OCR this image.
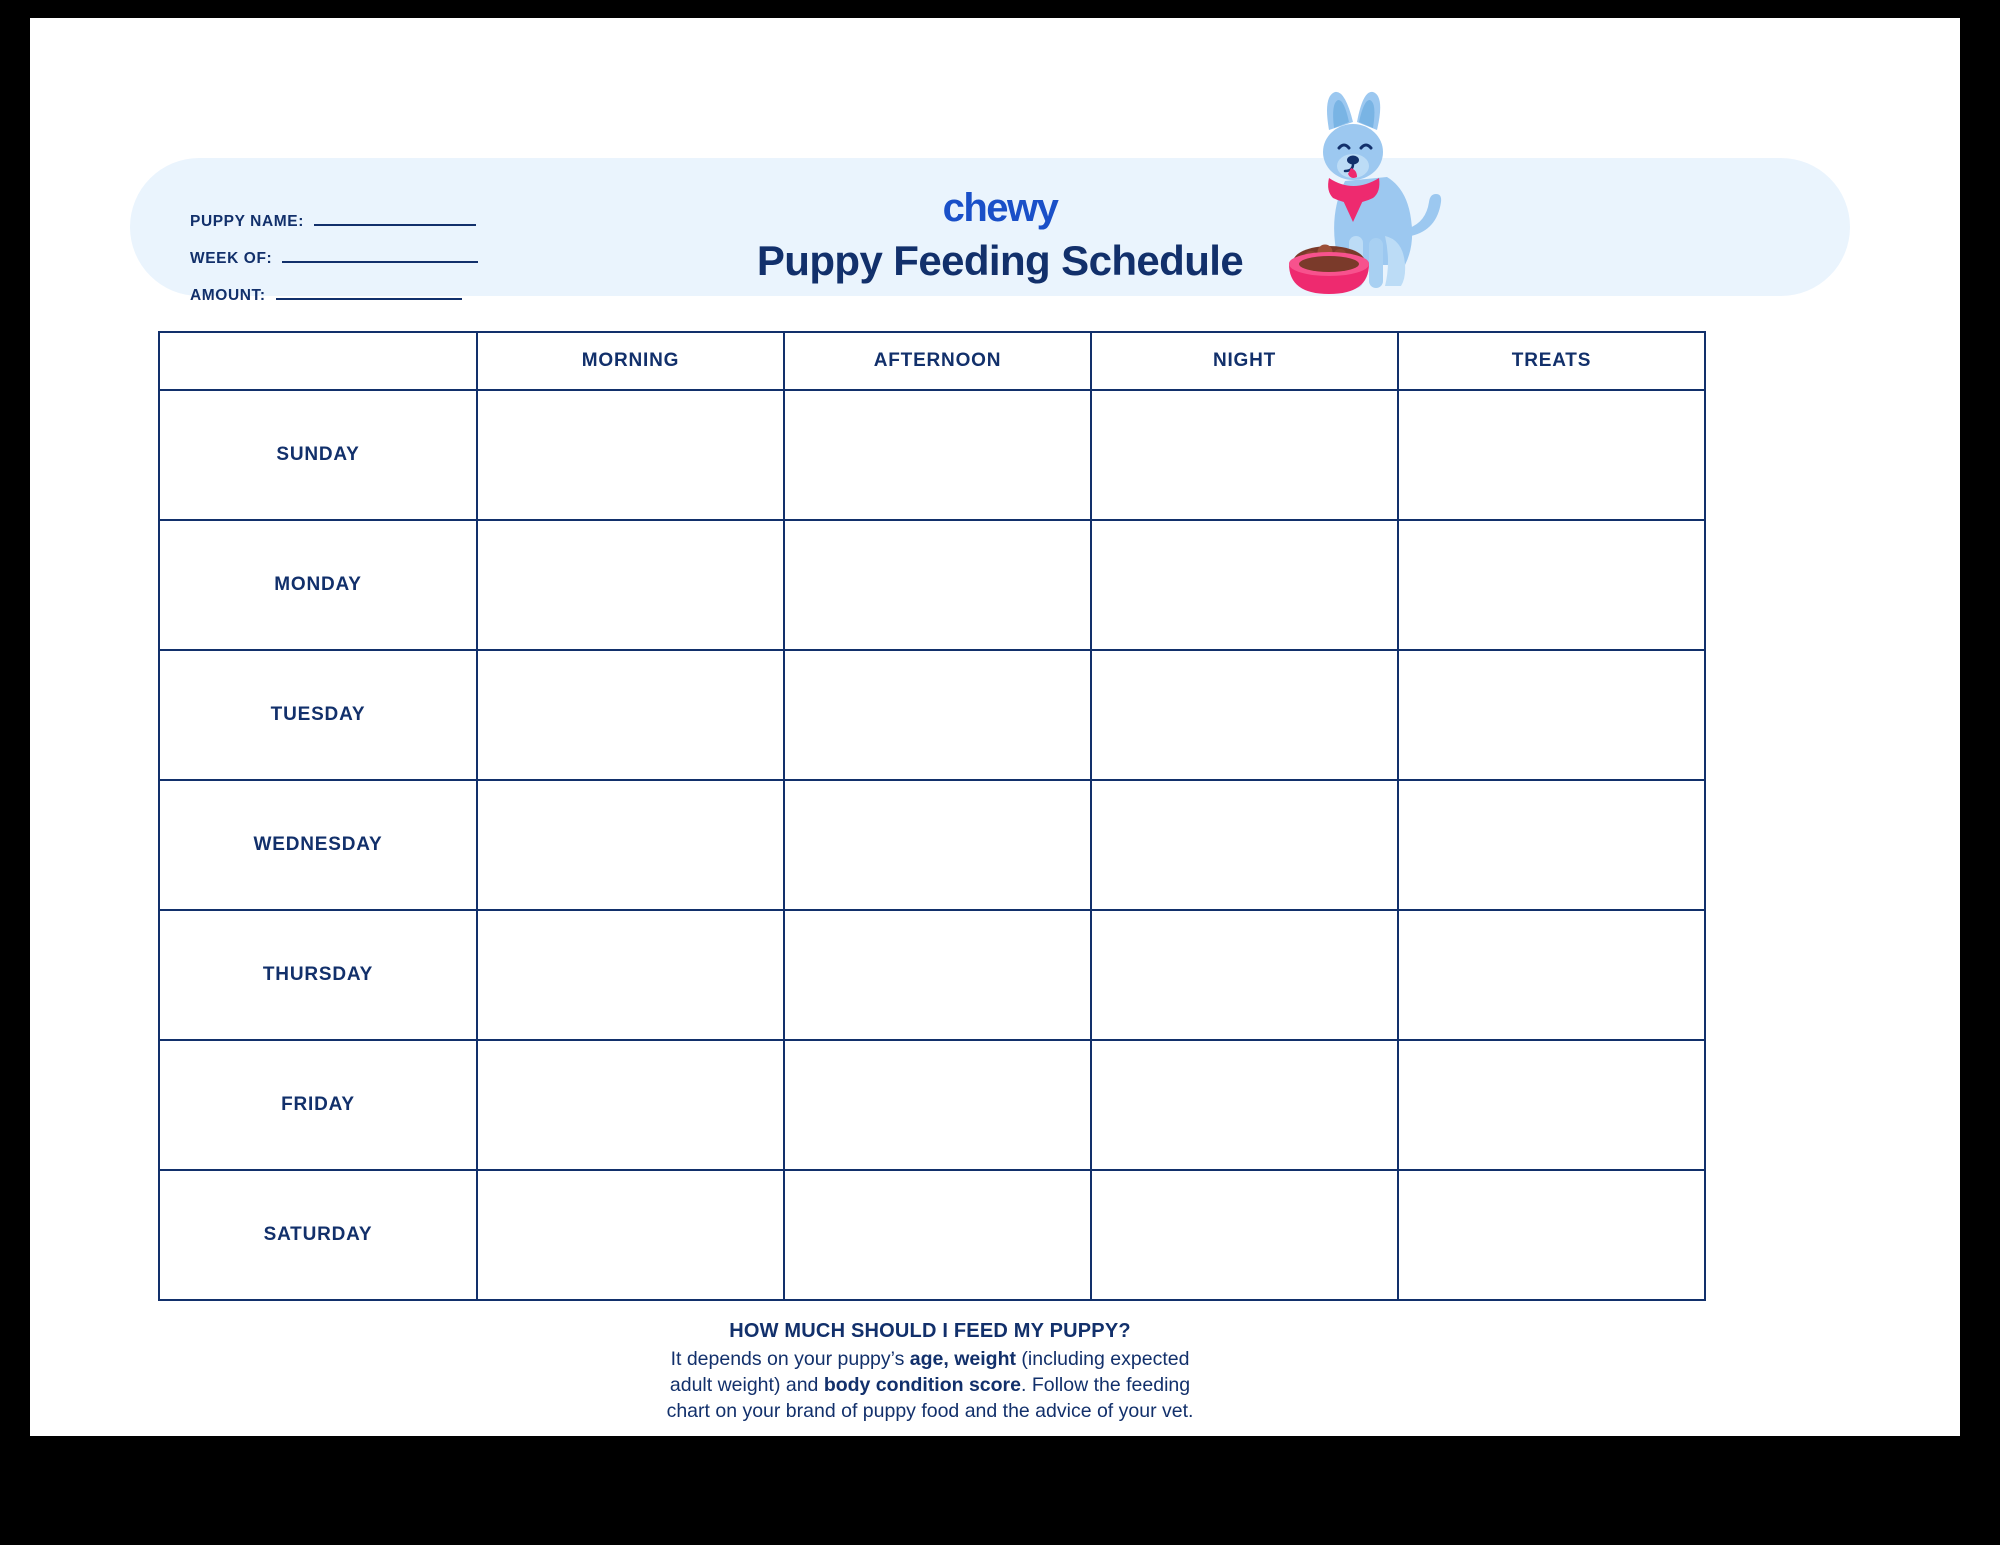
PUPPY NAME:
WEEK OF:
AMOUNT:
chewy
Puppy Feeding Schedule
	MORNING	AFTERNOON	NIGHT	TREATS
SUNDAY				
MONDAY				
TUESDAY				
WEDNESDAY				
THURSDAY				
FRIDAY				
SATURDAY				
HOW MUCH SHOULD I FEED MY PUPPY?
It depends on your puppy’s age, weight (including expected
adult weight) and body condition score. Follow the feeding
chart on your brand of puppy food and the advice of your vet.
